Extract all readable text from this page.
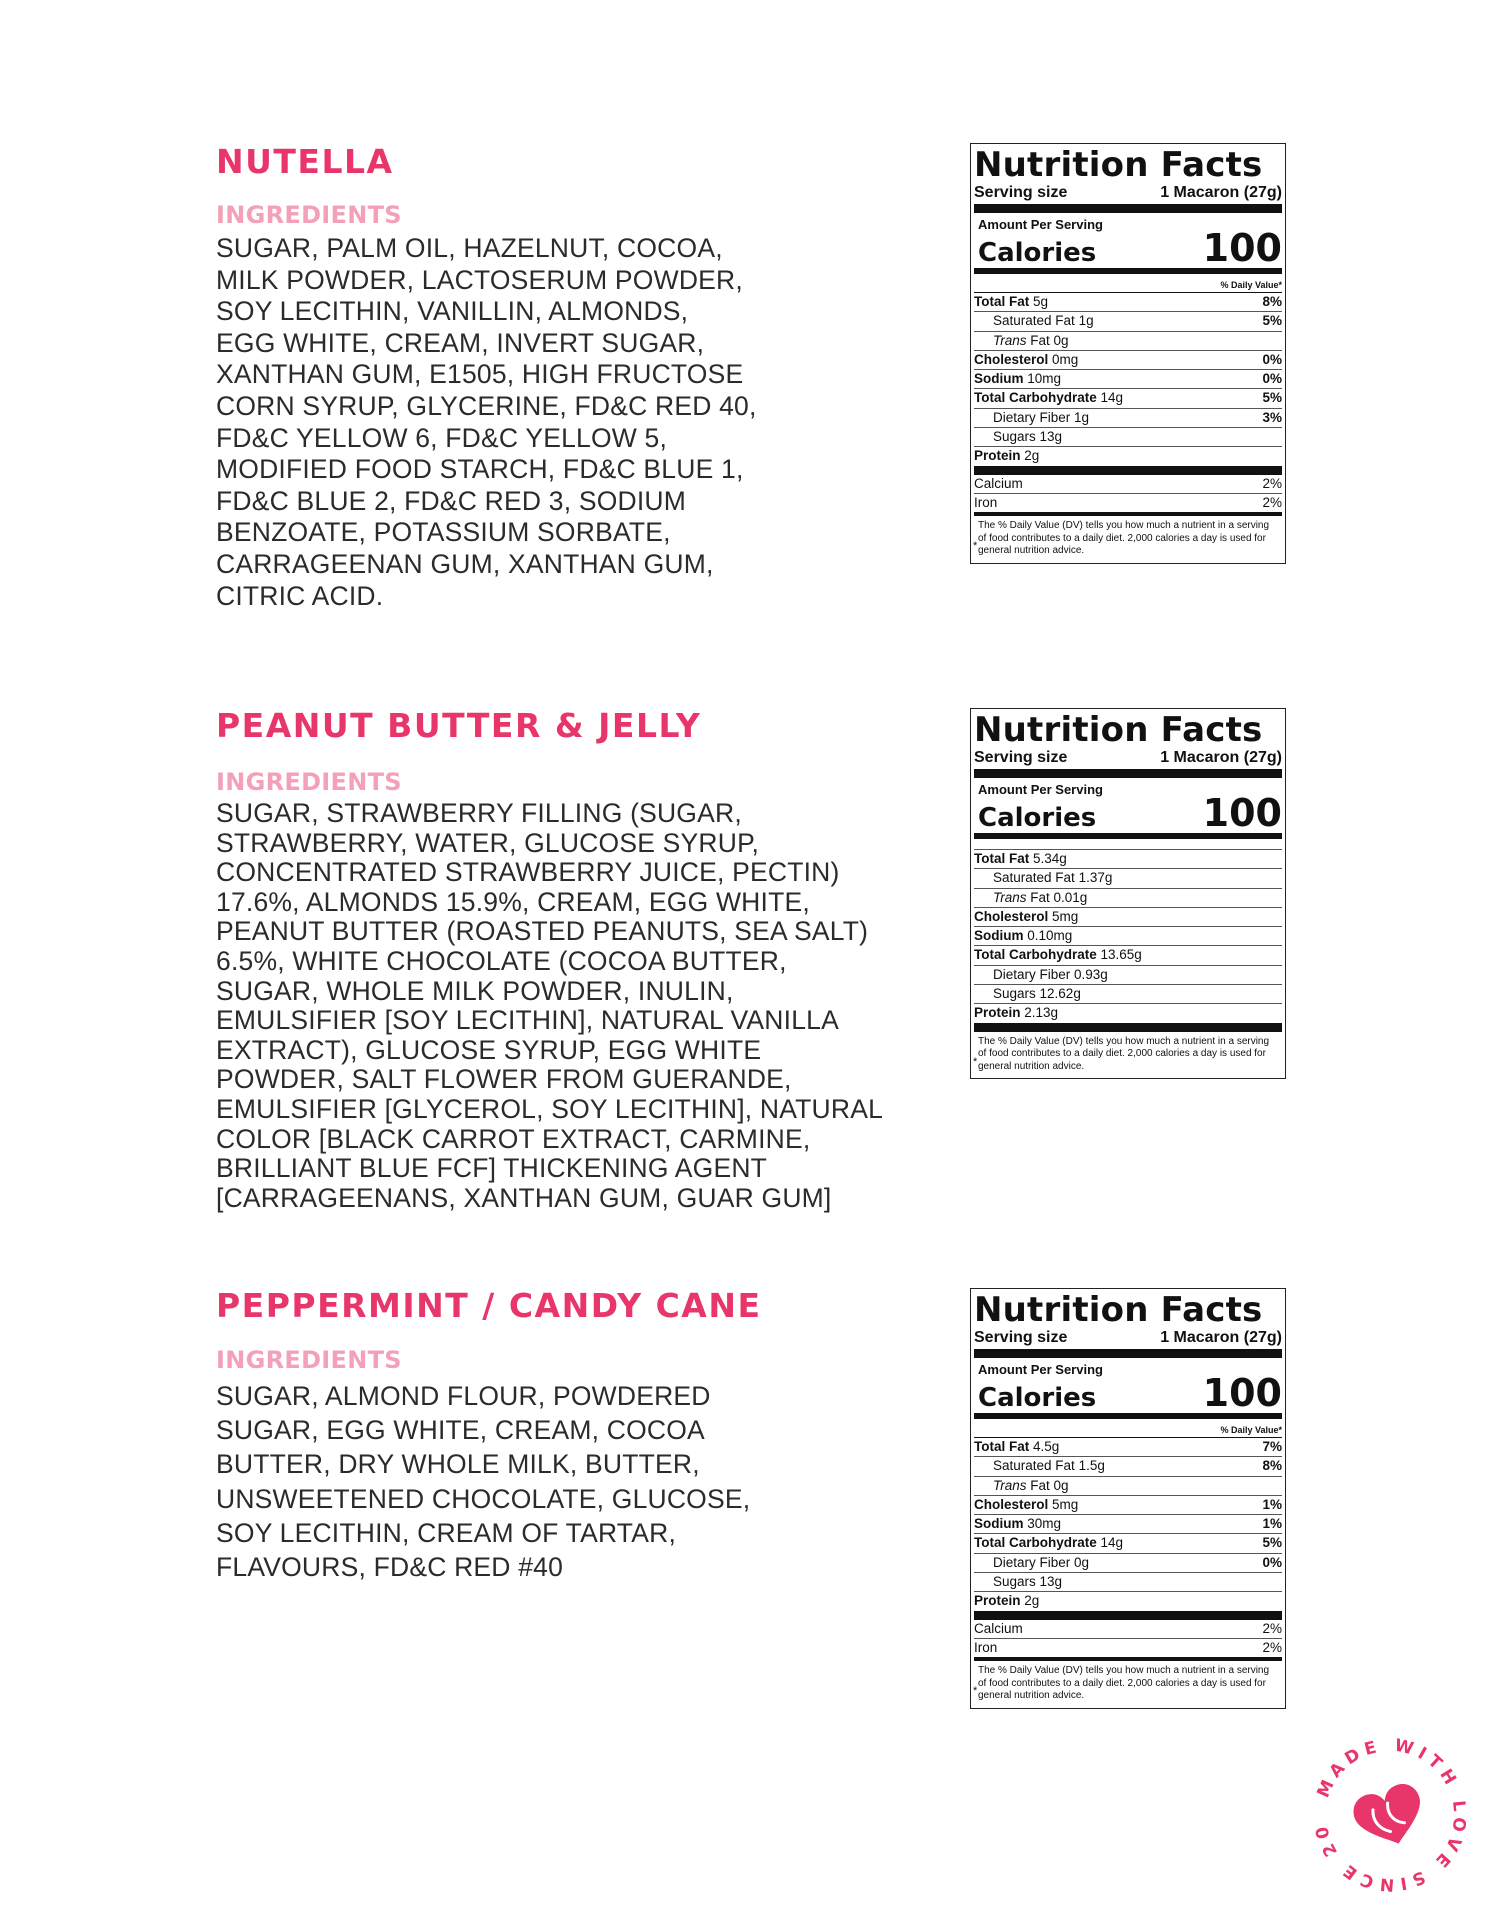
NUTELLA
INGREDIENTS
SUGAR, PALM OIL, HAZELNUT, COCOA,
MILK POWDER, LACTOSERUM POWDER,
SOY LECITHIN, VANILLIN, ALMONDS,
EGG WHITE, CREAM, INVERT SUGAR,
XANTHAN GUM, E1505, HIGH FRUCTOSE
CORN SYRUP, GLYCERINE, FD&C RED 40,
FD&C YELLOW 6, FD&C YELLOW 5,
MODIFIED FOOD STARCH, FD&C BLUE 1,
FD&C BLUE 2, FD&C RED 3, SODIUM
BENZOATE, POTASSIUM SORBATE,
CARRAGEENAN GUM, XANTHAN GUM,
CITRIC ACID.
Nutrition Facts
Serving size	1 Macaron (27g)
Amount Per Serving
Calories	100
% Daily Value*
Total Fat 5g	8%
Saturated Fat 1g	5%
Trans Fat 0g
Cholesterol 0mg	0%
Sodium 10mg	0%
Total Carbohydrate 14g	5%
Dietary Fiber 1g	3%
Sugars 13g
Protein 2g
Calcium	2%
Iron	2%
*
The % Daily Value (DV) tells you how much a nutrient in a serving of food contributes to a daily diet. 2,000 calories a day is used for general nutrition advice.
PEANUT BUTTER & JELLY
INGREDIENTS
SUGAR, STRAWBERRY FILLING (SUGAR,
STRAWBERRY, WATER, GLUCOSE SYRUP,
CONCENTRATED STRAWBERRY JUICE, PECTIN)
17.6%, ALMONDS 15.9%, CREAM, EGG WHITE,
PEANUT BUTTER (ROASTED PEANUTS, SEA SALT)
6.5%, WHITE CHOCOLATE (COCOA BUTTER,
SUGAR, WHOLE MILK POWDER, INULIN,
EMULSIFIER [SOY LECITHIN], NATURAL VANILLA
EXTRACT), GLUCOSE SYRUP, EGG WHITE
POWDER, SALT FLOWER FROM GUERANDE,
EMULSIFIER [GLYCEROL, SOY LECITHIN], NATURAL
COLOR [BLACK CARROT EXTRACT, CARMINE,
BRILLIANT BLUE FCF] THICKENING AGENT
[CARRAGEENANS, XANTHAN GUM, GUAR GUM]
Nutrition Facts
Serving size	1 Macaron (27g)
Amount Per Serving
Calories	100
Total Fat 5.34g
Saturated Fat 1.37g
Trans Fat 0.01g
Cholesterol 5mg
Sodium 0.10mg
Total Carbohydrate 13.65g
Dietary Fiber 0.93g
Sugars 12.62g
Protein 2.13g
*
The % Daily Value (DV) tells you how much a nutrient in a serving of food contributes to a daily diet. 2,000 calories a day is used for general nutrition advice.
PEPPERMINT / CANDY CANE
INGREDIENTS
SUGAR, ALMOND FLOUR, POWDERED
SUGAR, EGG WHITE, CREAM, COCOA
BUTTER, DRY WHOLE MILK, BUTTER,
UNSWEETENED CHOCOLATE, GLUCOSE,
SOY LECITHIN, CREAM OF TARTAR,
FLAVOURS, FD&C RED #40
Nutrition Facts
Serving size	1 Macaron (27g)
Amount Per Serving
Calories	100
% Daily Value*
Total Fat 4.5g	7%
Saturated Fat 1.5g	8%
Trans Fat 0g
Cholesterol 5mg	1%
Sodium 30mg	1%
Total Carbohydrate 14g	5%
Dietary Fiber 0g	0%
Sugars 13g
Protein 2g
Calcium	2%
Iron	2%
*
The % Daily Value (DV) tells you how much a nutrient in a serving of food contributes to a daily diet. 2,000 calories a day is used for general nutrition advice.
MADE WITH LOVE SINCE 20
